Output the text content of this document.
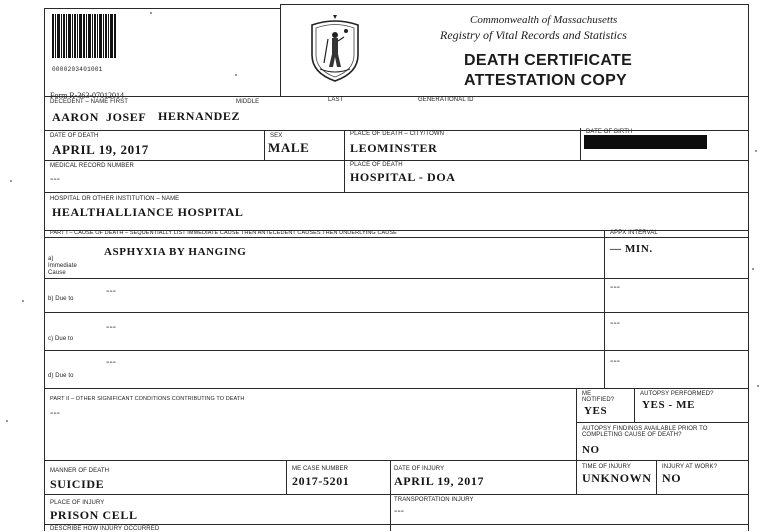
0000203401001
Commonwealth of Massachusetts
Registry of Vital Records and Statistics
DEATH CERTIFICATE
ATTESTATION COPY
DECEDENT – NAME FIRST	MIDDLE	LAST	GENERATIONAL ID
AARON JOSEF HERNANDEZ
DATE OF DEATH
APRIL 19, 2017
SEX
MALE
PLACE OF DEATH – CITY/TOWN
LEOMINSTER
DATE OF BIRTH
MEDICAL RECORD NUMBER
---
PLACE OF DEATH
HOSPITAL - DOA
HOSPITAL OR OTHER INSTITUTION – NAME
HEALTHALLIANCE HOSPITAL
PART I – CAUSE OF DEATH – SEQUENTIALLY LIST IMMEDIATE CAUSE THEN ANTECEDENT CAUSES THEN UNDERLYING CAUSE	APPX INTERVAL
a) Immediate Cause
ASPHYXIA BY HANGING	— MIN.
b) Due to
---	---
c) Due to
---	---
d) Due to
---	---
PART II – OTHER SIGNIFICANT CONDITIONS CONTRIBUTING TO DEATH
---
ME NOTIFIED?
YES
AUTOPSY PERFORMED?
YES - ME
AUTOPSY FINDINGS AVAILABLE PRIOR TO COMPLETING CAUSE OF DEATH?
NO
MANNER OF DEATH
SUICIDE
ME CASE NUMBER
2017-5201
DATE OF INJURY
APRIL 19, 2017
TIME OF INJURY
UNKNOWN
INJURY AT WORK?
NO
PLACE OF INJURY
PRISON CELL
TRANSPORTATION INJURY
---
DESCRIBE HOW INJURY OCCURRED
